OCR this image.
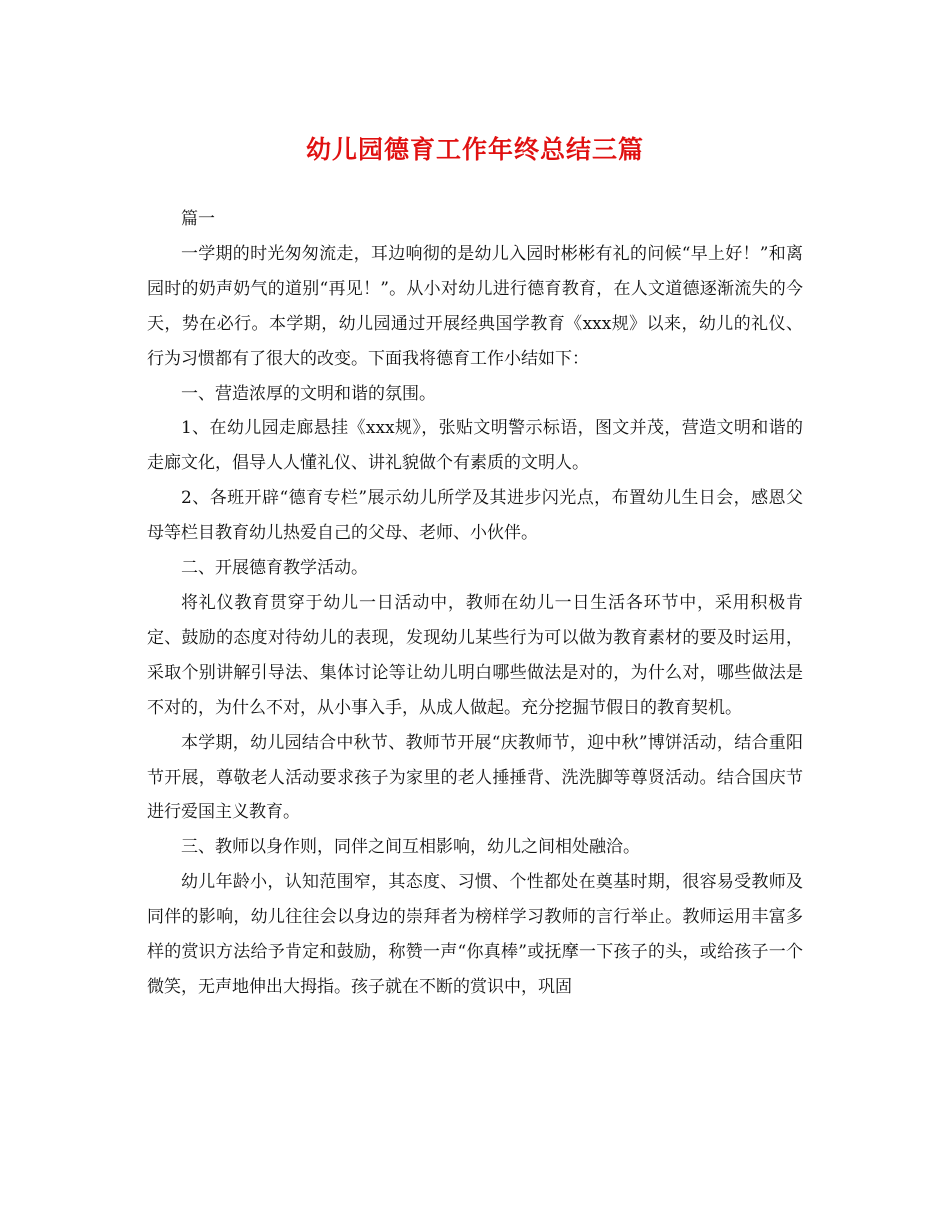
幼儿园德育工作年终总结三篇

篇一

一学期的时光匆匆流走，耳边响彻的是幼儿入园时彬彬有礼的问候“早上好！”和离园时的奶声奶气的道别“再见！”。从小对幼儿进行德育教育，在人文道德逐渐流失的今天，势在必行。本学期，幼儿园通过开展经典国学教育《xxx规》以来，幼儿的礼仪、行为习惯都有了很大的改变。下面我将德育工作小结如下：

一、营造浓厚的文明和谐的氛围。

1、在幼儿园走廊悬挂《xxx规》，张贴文明警示标语，图文并茂，营造文明和谐的走廊文化，倡导人人懂礼仪、讲礼貌做个有素质的文明人。

2、各班开辟“德育专栏”展示幼儿所学及其进步闪光点，布置幼儿生日会，感恩父母等栏目教育幼儿热爱自己的父母、老师、小伙伴。

二、开展德育教学活动。

将礼仪教育贯穿于幼儿一日活动中，教师在幼儿一日生活各环节中，采用积极肯定、鼓励的态度对待幼儿的表现，发现幼儿某些行为可以做为教育素材的要及时运用，采取个别讲解引导法、集体讨论等让幼儿明白哪些做法是对的，为什么对，哪些做法是不对的，为什么不对，从小事入手，从成人做起。充分挖掘节假日的教育契机。

本学期，幼儿园结合中秋节、教师节开展“庆教师节，迎中秋”博饼活动，结合重阳节开展，尊敬老人活动要求孩子为家里的老人捶捶背、洗洗脚等尊贤活动。结合国庆节进行爱国主义教育。

三、教师以身作则，同伴之间互相影响，幼儿之间相处融洽。

幼儿年龄小，认知范围窄，其态度、习惯、个性都处在奠基时期，很容易受教师及同伴的影响，幼儿往往会以身边的崇拜者为榜样学习教师的言行举止。教师运用丰富多样的赏识方法给予肯定和鼓励，称赞一声“你真棒”或抚摩一下孩子的头，或给孩子一个微笑，无声地伸出大拇指。孩子就在不断的赏识中，巩固
